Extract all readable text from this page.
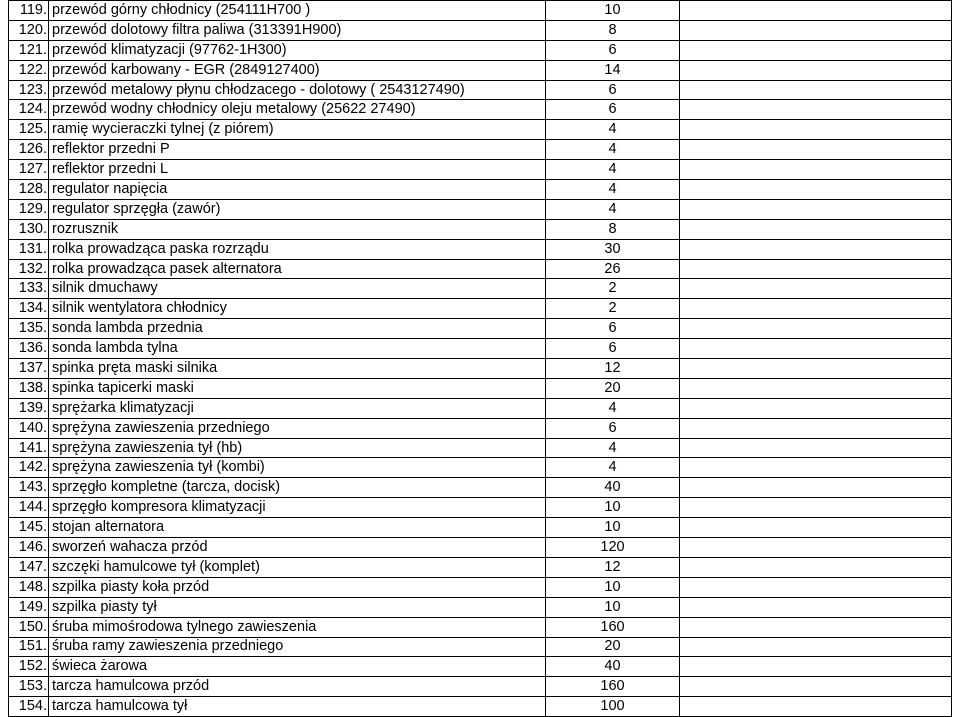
119.	przewód górny chłodnicy (254111H700 )	10	
120.	przewód dolotowy filtra paliwa (313391H900)	8	
121.	przewód klimatyzacji (97762-1H300)	6	
122.	przewód karbowany - EGR (2849127400)	14	
123.	przewód metalowy płynu chłodzacego - dolotowy ( 2543127490)	6	
124.	przewód wodny chłodnicy oleju metalowy (25622 27490)	6	
125.	ramię wycieraczki tylnej (z piórem)	4	
126.	reflektor przedni P	4	
127.	reflektor przedni L	4	
128.	regulator napięcia	4	
129.	regulator sprzęgła (zawór)	4	
130.	rozrusznik	8	
131.	rolka prowadząca paska rozrządu	30	
132.	rolka prowadząca pasek alternatora	26	
133.	silnik dmuchawy	2	
134.	silnik wentylatora chłodnicy	2	
135.	sonda lambda przednia	6	
136.	sonda lambda tylna	6	
137.	spinka pręta maski silnika	12	
138.	spinka tapicerki maski	20	
139.	sprężarka klimatyzacji	4	
140.	sprężyna zawieszenia przedniego	6	
141.	sprężyna zawieszenia tył (hb)	4	
142.	sprężyna zawieszenia tył (kombi)	4	
143.	sprzęgło kompletne (tarcza, docisk)	40	
144.	sprzęgło kompresora klimatyzacji	10	
145.	stojan alternatora	10	
146.	sworzeń wahacza przód	120	
147.	szczęki hamulcowe tył (komplet)	12	
148.	szpilka piasty koła przód	10	
149.	szpilka piasty tył	10	
150.	śruba mimośrodowa tylnego zawieszenia	160	
151.	śruba ramy zawieszenia przedniego	20	
152.	świeca żarowa	40	
153.	tarcza hamulcowa przód	160	
154.	tarcza hamulcowa tył	100	
